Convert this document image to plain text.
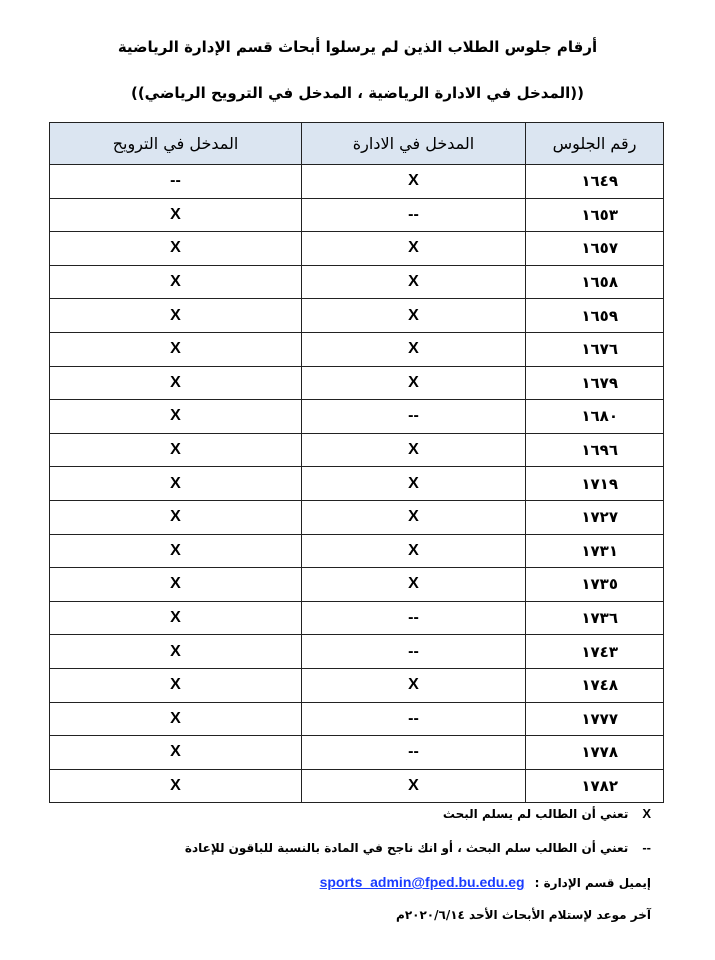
أرقام جلوس الطلاب الذين لم يرسلوا أبحاث قسم الإدارة الرياضية
((المدخل في الادارة الرياضية ، المدخل في الترويح الرياضي))
رقم الجلوس	المدخل في الادارة	المدخل في الترويح
١٦٤٩	X	--
١٦٥٣	--	X
١٦٥٧	X	X
١٦٥٨	X	X
١٦٥٩	X	X
١٦٧٦	X	X
١٦٧٩	X	X
١٦٨٠	--	X
١٦٩٦	X	X
١٧١٩	X	X
١٧٢٧	X	X
١٧٣١	X	X
١٧٣٥	X	X
١٧٣٦	--	X
١٧٤٣	--	X
١٧٤٨	X	X
١٧٧٧	--	X
١٧٧٨	--	X
١٧٨٢	X	X
Xتعني أن الطالب لم يسلم البحث
--تعني أن الطالب سلم البحث ، أو انك ناجح في المادة بالنسبة للباقون للإعادة
إيميل قسم الإدارة :sports_admin@fped.bu.edu.eg
آخر موعد لإستلام الأبحاث الأحد ٢٠٢٠/٦/١٤م
